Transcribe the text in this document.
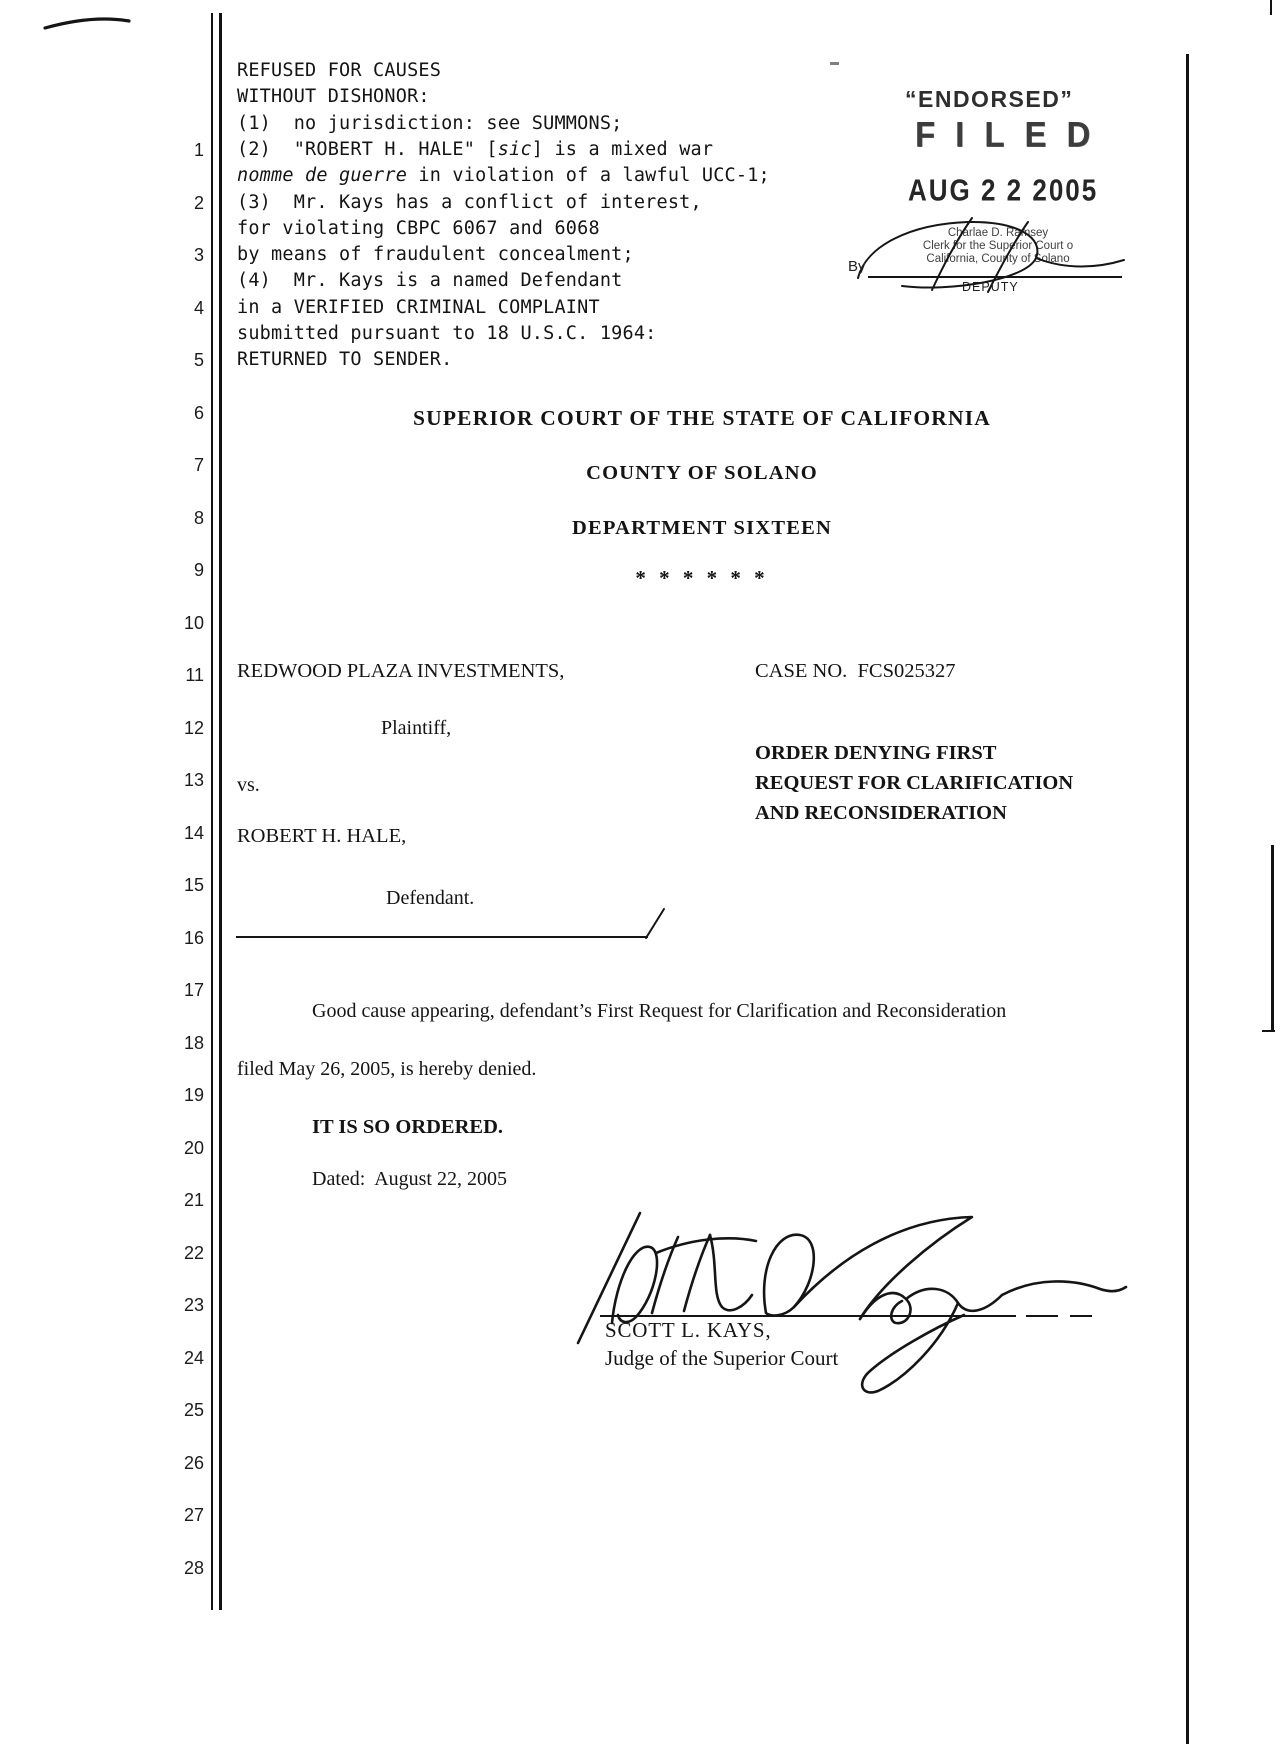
1
2
3
4
5
6
7
8
9
10
11
12
13
14
15
16
17
18
19
20
21
22
23
24
25
26
27
28
REFUSED FOR CAUSES
WITHOUT DISHONOR:
(1)  no jurisdiction: see SUMMONS;
(2)  "ROBERT H. HALE" [sic] is a mixed war
nomme de guerre in violation of a lawful UCC-1;
(3)  Mr. Kays has a conflict of interest,
for violating CBPC 6067 and 6068
by means of fraudulent concealment;
(4)  Mr. Kays is a named Defendant
in a VERIFIED CRIMINAL COMPLAINT
submitted pursuant to 18 U.S.C. 1964:
RETURNED TO SENDER.
“ENDORSED”
FILED
AUG 2 2 2005
Charlae D. Ramsey
Clerk for the Superior Court o
California, County of Solano
By
DEPUTY
SUPERIOR COURT OF THE STATE OF CALIFORNIA
COUNTY OF SOLANO
DEPARTMENT SIXTEEN
* * * * * *
REDWOOD PLAZA INVESTMENTS,
Plaintiff,
vs.
ROBERT H. HALE,
Defendant.
CASE NO.  FCS025327
ORDER DENYING FIRST
REQUEST FOR CLARIFICATION
AND RECONSIDERATION
Good cause appearing, defendant’s First Request for Clarification and Reconsideration
filed May 26, 2005, is hereby denied.
IT IS SO ORDERED.
Dated:  August 22, 2005
SCOTT L. KAYS,
Judge of the Superior Court
